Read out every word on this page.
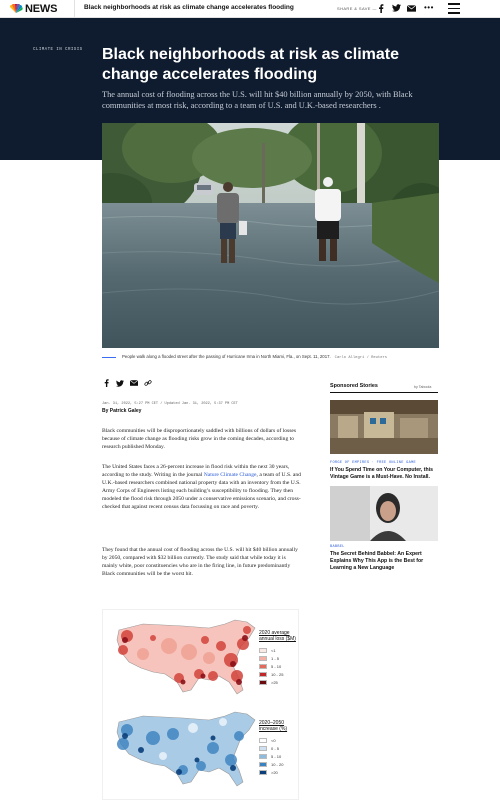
NEWS	Black neighborhoods at risk as climate change accelerates flooding	SHARE & SAVE —	•••
CLIMATE IN CRISIS Black neighborhoods at risk as climate change accelerates flooding
The annual cost of flooding across the U.S. will hit $40 billion annually by 2050, with Black communities at most risk, according to a team of U.S. and U.K.-based researchers .
People walk along a flooded street after the passing of Hurricane Irma in North Miami, Fla., on Sept. 11, 2017. Carlo Allegri / Reuters
Jan. 31, 2022, 5:27 PM CET / Updated Jan. 31, 2022, 5:37 PM CET
By Patrick Galey

Black communities will be disproportionately saddled with billions of dollars of losses because of climate change as flooding risks grow in the coming decades, according to research published Monday.

The United States faces a 26-percent increase in flood risk within the next 30 years, according to the study. Writing in the journal Nature Climate Change, a team of U.S. and U.K.-based researchers combined national property data with an inventory from the U.S. Army Corps of Engineers listing each building’s susceptibility to flooding. They then modeled the flood risk through 2050 under a conservative emissions scenario, and cross-checked that against recent census data focussing on race and poverty.

They found that the annual cost of flooding across the U.S. will hit $40 billion annually by 2050, compared with $32 billion currently. The study said that while today it is mainly white, poor constituencies who are in the firing line, in future predominantly Black communities will be the worst hit.

Sponsored Stories	by Taboola
FORGE OF EMPIRES · FREE ONLINE GAME
If You Spend Time on Your Computer, this Vintage Game is a Must-Have. No Install.
BABBEL
The Secret Behind Babbel: An Expert Explains Why This App is the Best for Learning a New Language
2020 average annual loss ($M)
2020–2050 increase (%)
<1
1 - 5
5 - 10
10 - 25
>25
<0
0 - 5
5 - 10
10 - 20
>20
